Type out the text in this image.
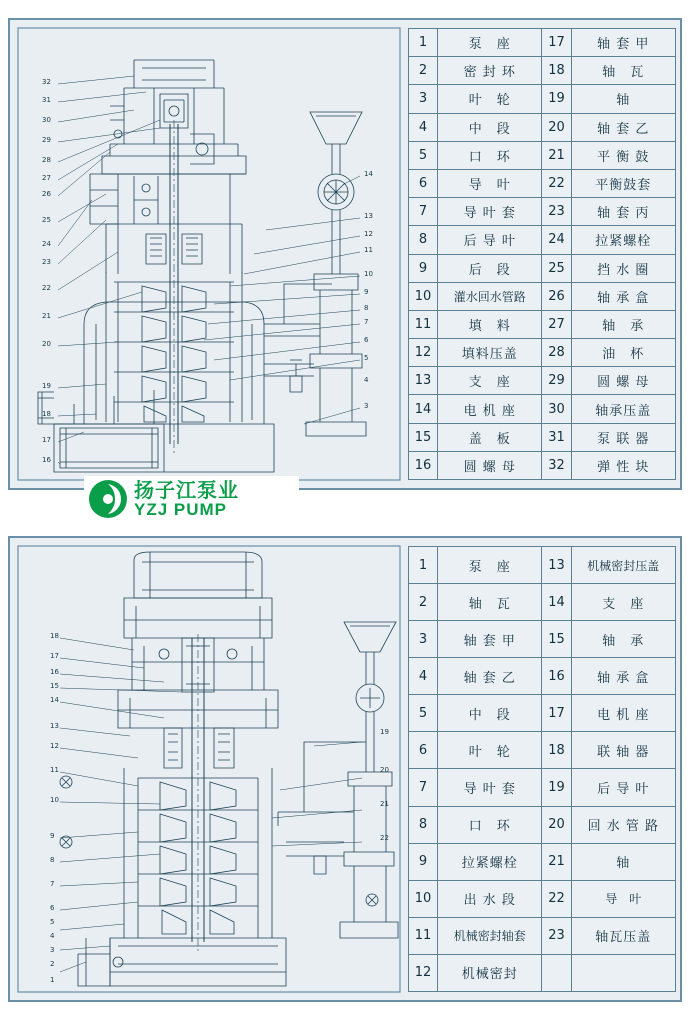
32
31
30
29
28
27
26
25
24
23
22
21
20
19
18
17
16
14
13
12
11
10
9
8
7
6
5
4
3
1	泵　座	17	轴 套 甲
2	密 封 环	18	轴　瓦
3	叶　轮	19	轴
4	中　段	20	轴 套 乙
5	口　环	21	平 衡 鼓
6	导　叶	22	平衡鼓套
7	导 叶 套	23	轴 套 丙
8	后 导 叶	24	拉紧螺栓
9	后　段	25	挡 水 圈
10	灌水回水管路	26	轴 承 盒
11	填　料	27	轴　承
12	填料压盖	28	油　杯
13	支　座	29	圆 螺 母
14	电 机 座	30	轴承压盖
15	盖　板	31	泵 联 器
16	圆 螺 母	32	弹 性 块
扬子江泵业
YZJ PUMP
18
17
16
15
14
13
12
11
10
9
8
7
6
5
4
3
2
1
19
20
21
22
1	泵　座	13	机械密封压盖
2	轴　瓦	14	支　座
3	轴 套 甲	15	轴　承
4	轴 套 乙	16	轴 承 盒
5	中　段	17	电 机 座
6	叶　轮	18	联 轴 器
7	导 叶 套	19	后 导 叶
8	口　环	20	回 水 管 路
9	拉紧螺栓	21	轴
10	出 水 段	22	导　叶
11	机械密封轴套	23	轴瓦压盖
12	机械密封		
